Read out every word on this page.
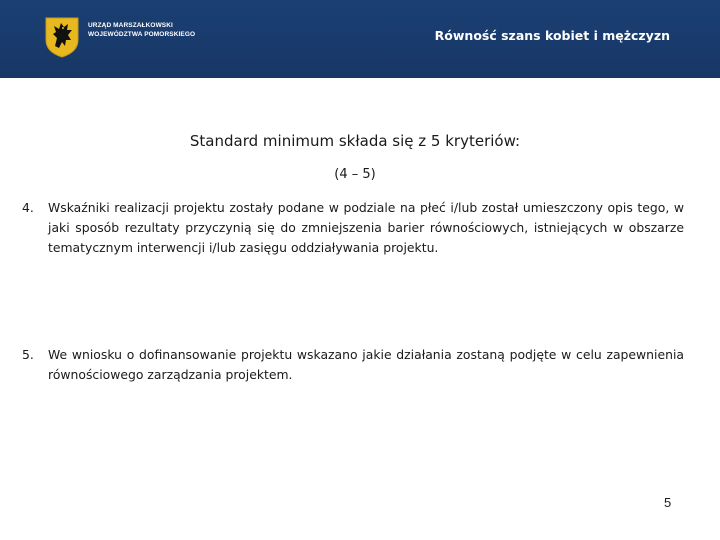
URZĄD MARSZAŁKOWSKI
WOJEWÓDZTWA POMORSKIEGO	Równość szans kobiet i mężczyzn
Standard minimum składa się z 5 kryteriów:
(4 – 5)
4. Wskaźniki realizacji projektu zostały podane w podziale na płeć i/lub został umieszczony opis tego, w jaki sposób rezultaty przyczynią się do zmniejszenia barier równościowych, istniejących w obszarze tematycznym interwencji i/lub zasięgu oddziaływania projektu.
5. We wniosku o dofinansowanie projektu wskazano jakie działania zostaną podjęte w celu zapewnienia równościowego zarządzania projektem.
5
